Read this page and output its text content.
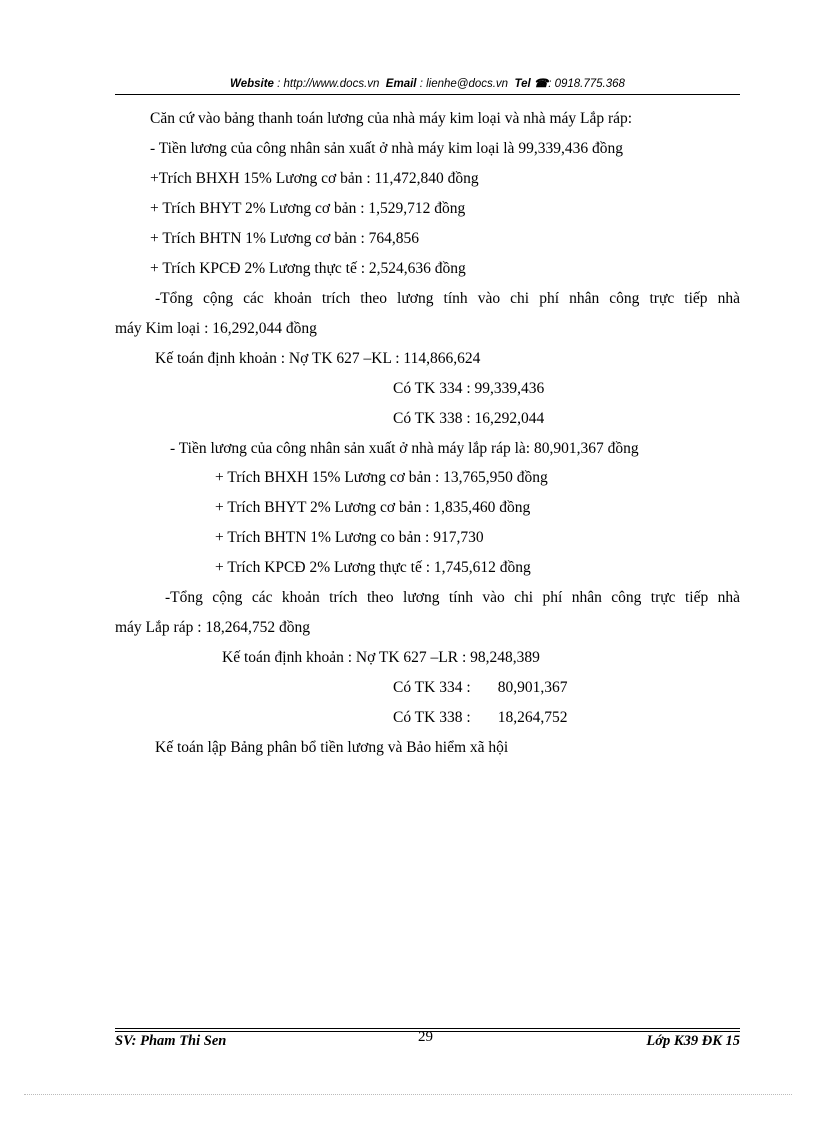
Website : http://www.docs.vn Email : lienhe@docs.vn Tel ☎: 0918.775.368
Căn cứ vào bảng thanh toán lương của nhà máy kim loại và nhà máy Lắp ráp:
- Tiền lương của công nhân sản xuất ở nhà máy kim loại là 99,339,436 đồng
+Trích BHXH 15% Lương cơ bản : 11,472,840 đồng
+ Trích BHYT 2% Lương cơ bản : 1,529,712 đồng
+ Trích BHTN 1% Lương cơ bản : 764,856
+ Trích KPCĐ 2% Lương thực tế : 2,524,636 đồng
-Tổng cộng các khoản trích theo lương tính vào chi phí nhân công trực tiếp nhà
máy Kim loại : 16,292,044 đồng
Kế toán định khoản : Nợ TK 627 –KL : 114,866,624
Có TK 334 : 99,339,436
Có TK 338 : 16,292,044
- Tiền lương của công nhân sản xuất ở nhà máy lắp ráp là: 80,901,367 đồng
+ Trích BHXH 15% Lương cơ bản : 13,765,950 đồng
+ Trích BHYT 2% Lương cơ bản : 1,835,460 đồng
+ Trích BHTN 1% Lương co bản : 917,730
+ Trích KPCĐ 2% Lương thực tế : 1,745,612 đồng
-Tổng cộng các khoản trích theo lương tính vào chi phí nhân công trực tiếp nhà
máy Lắp ráp : 18,264,752 đồng
Kế toán định khoản : Nợ TK 627 –LR : 98,248,389
Có TK 334 :       80,901,367
Có TK 338 :       18,264,752
Kế toán lập Bảng phân bổ tiền lương và Bảo hiểm xã hội
SV: Pham Thi Sen	29	Lớp K39 ĐK 15
